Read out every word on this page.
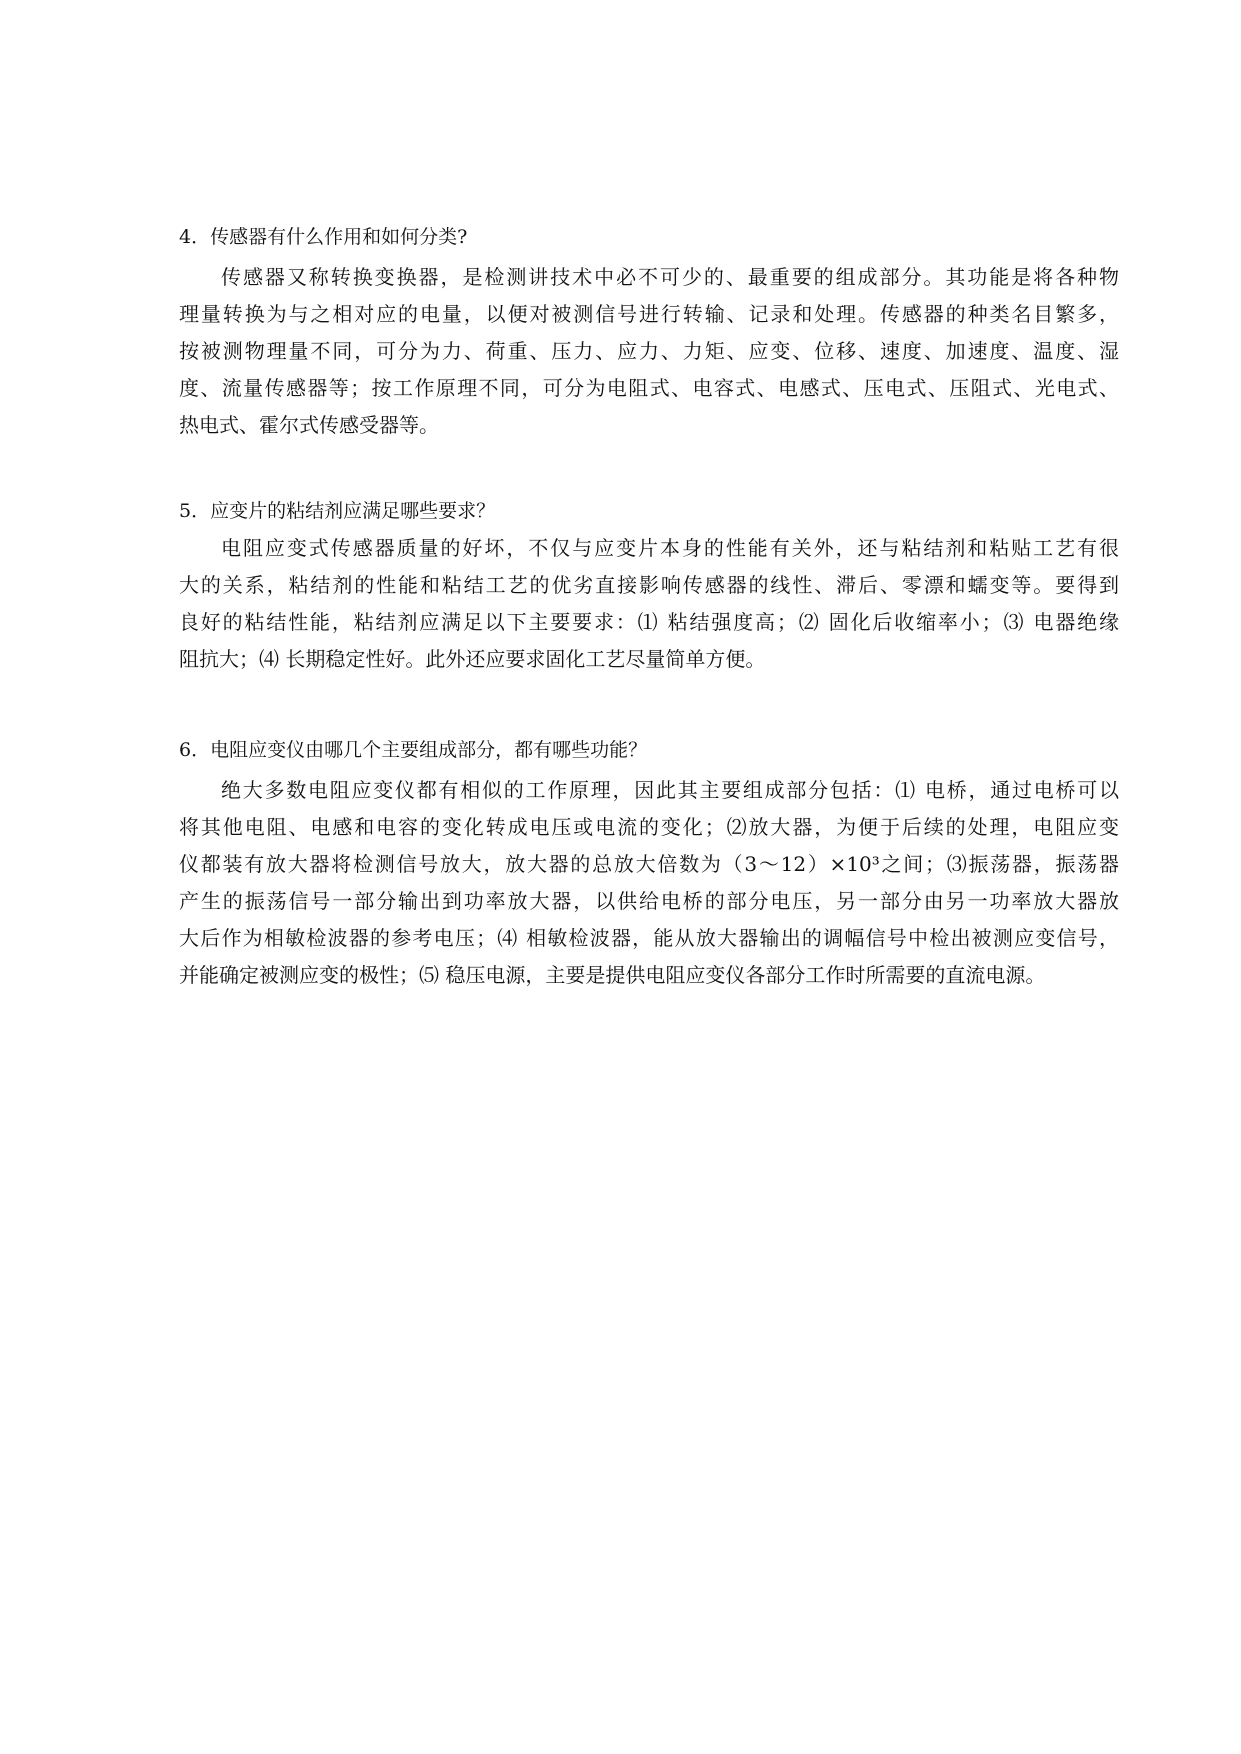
4．传感器有什么作用和如何分类?

传感器又称转换变换器，是检测讲技术中必不可少的、最重要的组成部分。其功能是将各种物
理量转换为与之相对应的电量，以便对被测信号进行转输、记录和处理。传感器的种类名目繁多，
按被测物理量不同，可分为力、荷重、压力、应力、力矩、应变、位移、速度、加速度、温度、湿
度、流量传感器等；按工作原理不同，可分为电阻式、电容式、电感式、压电式、压阻式、光电式、
热电式、霍尔式传感受器等。

5．应变片的粘结剂应满足哪些要求？

电阻应变式传感器质量的好坏，不仅与应变片本身的性能有关外，还与粘结剂和粘贴工艺有很
大的关系，粘结剂的性能和粘结工艺的优劣直接影响传感器的线性、滞后、零漂和蠕变等。要得到
良好的粘结性能，粘结剂应满足以下主要要求：⑴ 粘结强度高；⑵ 固化后收缩率小；⑶ 电器绝缘
阻抗大；⑷ 长期稳定性好。此外还应要求固化工艺尽量简单方便。

6．电阻应变仪由哪几个主要组成部分，都有哪些功能？

绝大多数电阻应变仪都有相似的工作原理，因此其主要组成部分包括：⑴ 电桥，通过电桥可以
将其他电阻、电感和电容的变化转成电压或电流的变化；⑵放大器，为便于后续的处理，电阻应变
仪都装有放大器将检测信号放大，放大器的总放大倍数为（3～12）×10³之间；⑶振荡器，振荡器
产生的振荡信号一部分输出到功率放大器，以供给电桥的部分电压，另一部分由另一功率放大器放
大后作为相敏检波器的参考电压；⑷ 相敏检波器，能从放大器输出的调幅信号中检出被测应变信号，
并能确定被测应变的极性；⑸ 稳压电源，主要是提供电阻应变仪各部分工作时所需要的直流电源。
